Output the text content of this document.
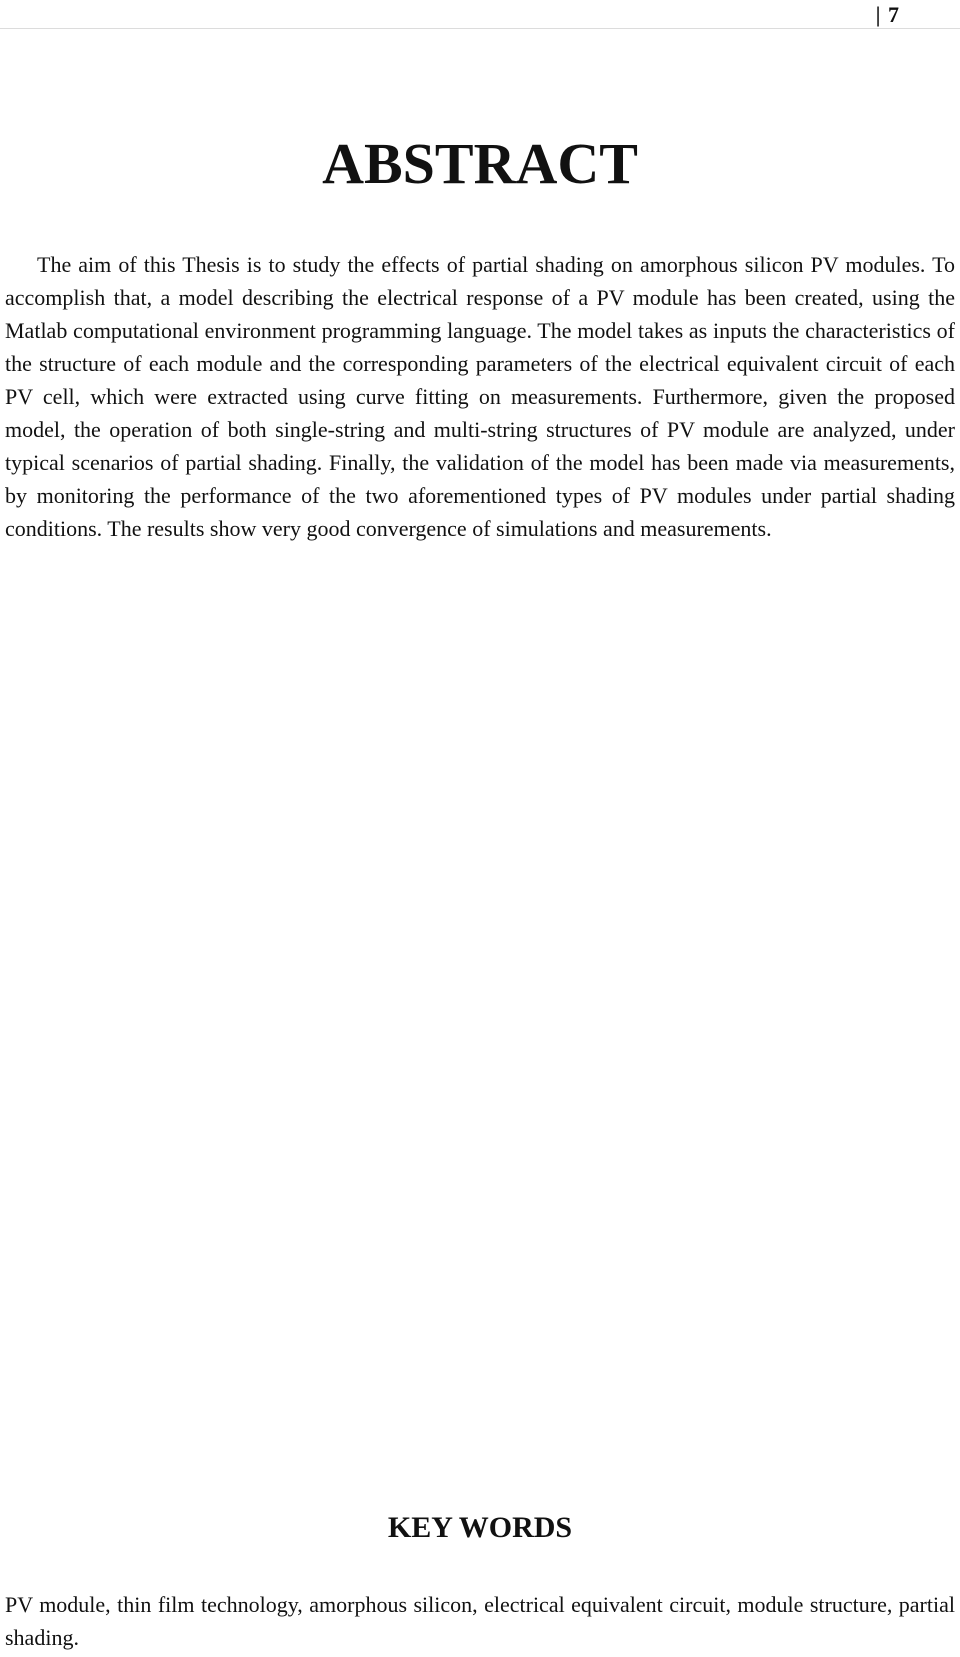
| 7
ABSTRACT

The aim of this Thesis is to study the effects of partial shading on amorphous silicon PV modules. To accomplish that, a model describing the electrical response of a PV module has been created, using the Matlab computational environment programming language. The model takes as inputs the characteristics of the structure of each module and the corresponding parameters of the electrical equivalent circuit of each PV cell, which were extracted using curve fitting on measurements. Furthermore, given the proposed model, the operation of both single-string and multi-string structures of PV module are analyzed, under typical scenarios of partial shading. Finally, the validation of the model has been made via measurements, by monitoring the performance of the two aforementioned types of PV modules under partial shading conditions. The results show very good convergence of simulations and measurements.

KEY WORDS

PV module, thin film technology, amorphous silicon, electrical equivalent circuit, module structure, partial shading.
